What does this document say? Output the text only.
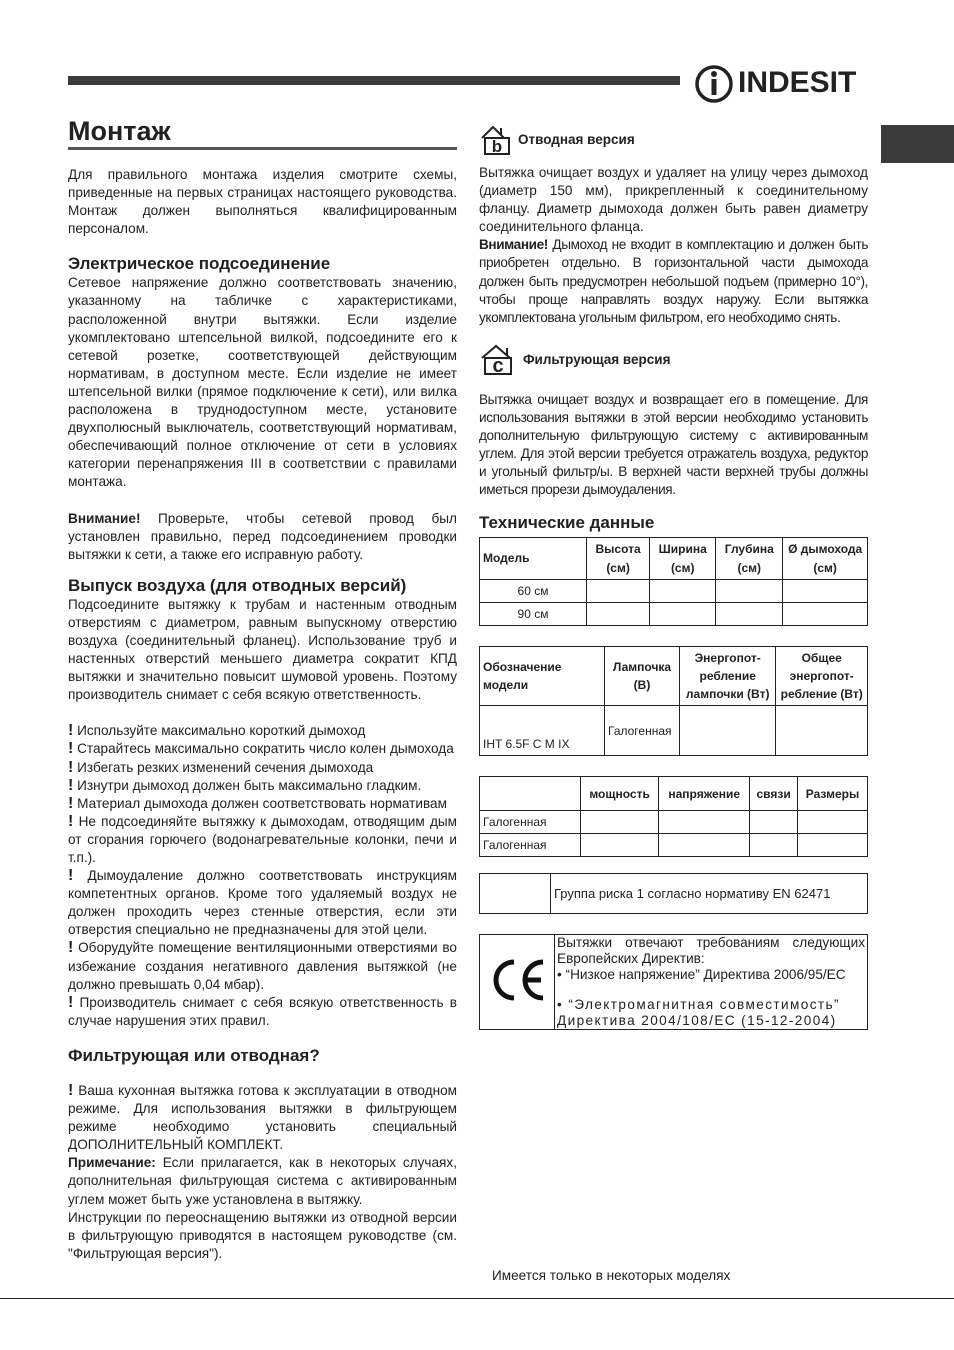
INDESIT
Монтаж

Для правильного монтажа изделия смотрите схемы, приведенные на первых страницах настоящего руководства. Монтаж должен выполняться квалифицированным персоналом.

Электрическое подсоединение

Сетевое напряжение должно соответствовать значению, указанному на табличке с характеристиками, расположенной внутри вытяжки. Если изделие укомплектовано штепсельной вилкой, подсоедините его к сетевой розетке, соответствующей действующим нормативам, в доступном месте. Если изделие не имеет штепсельной вилки (прямое подключение к сети), или вилка расположена в труднодоступном месте, установите двухполюсный выключатель, соответствующий нормативам, обеспечивающий полное отключение от сети в условиях категории перенапряжения III в соответствии с правилами монтажа.

Внимание! Проверьте, чтобы сетевой провод был установлен правильно, перед подсоединением проводки вытяжки к сети, а также его исправную работу.

Выпуск воздуха (для отводных версий)

Подсоедините вытяжку к трубам и настенным отводным отверстиям с диаметром, равным выпускному отверстию воздуха (соединительный фланец). Использование труб и настенных отверстий меньшего диаметра сократит КПД вытяжки и значительно повысит шумовой уровень. Поэтому производитель снимает с себя всякую ответственность.

! Используйте максимально короткий дымоход

! Старайтесь максимально сократить число колен дымохода

! Избегать резких изменений сечения дымохода

! Изнутри дымоход должен быть максимально гладким.

! Материал дымохода должен соответствовать нормативам

! Не подсоединяйте вытяжку к дымоходам, отводящим дым от сгорания горючего (водонагревательные колонки, печи и т.п.).

! Дымоудаление должно соответствовать инструкциям компетентных органов. Кроме того удаляемый воздух не должен проходить через стенные отверстия, если эти отверстия специально не предназначены для этой цели.

! Оборудуйте помещение вентиляционными отверстиями во избежание создания негативного давления вытяжкой (не должно превышать 0,04 мбар).

! Производитель снимает с себя всякую ответственность в случае нарушения этих правил.

Фильтрующая или отводная?

! Ваша кухонная вытяжка готова к эксплуатации в отводном режиме. Для использования вытяжки в фильтрующем режиме необходимо установить специальный ДОПОЛНИТЕЛЬНЫЙ КОМПЛЕКТ.

Примечание: Если прилагается, как в некоторых случаях, дополнительная фильтрующая система с активированным углем может быть уже установлена в вытяжку.

Инструкции по переоснащению вытяжки из отводной версии в фильтрующую приводятся в настоящем руководстве (см. "Фильтрующая версия").

b Отводная версия

Вытяжка очищает воздух и удаляет на улицу через дымоход (диаметр 150 мм), прикрепленный к соединительному фланцу. Диаметр дымохода должен быть равен диаметру соединительного фланца.

Внимание! Дымоход не входит в комплектацию и должен быть приобретен отдельно. В горизонтальной части дымохода должен быть предусмотрен небольшой подъем (примерно 10°), чтобы проще направлять воздух наружу. Если вытяжка укомплектована угольным фильтром, его необходимо снять.

c Фильтрующая версия

Вытяжка очищает воздух и возвращает его в помещение. Для использования вытяжки в этой версии необходимо установить дополнительную фильтрующую систему с активированным углем. Для этой версии требуется отражатель воздуха, редуктор и угольный фильтр/ы. В верхней части верхней трубы должны иметься прорези дымоудаления.

Технические данные
Модель	Высота (см)	Ширина (см)	Глубина (см)	Ø дымохода (см)
60 см				
90 см				
Обозначение модели	Лампочка (В)	Энергопот-ребление лампочки (Вт)	Общее энергопот-ребление (Вт)
IHT 6.5F C M IX	Галогенная		
	мощность	напряжение	связи	Размеры
Галогенная				
Галогенная				
	Группа риска 1 согласно нормативу EN 62471

Вытяжки отвечают требованиям следующих Европейских Директив:
• “Низкое напряжение” Директива 2006/95/EC
• “Электромагнитная совместимость” Директива 2004/108/EC (15-12-2004)
Имеется только в некоторых моделях
